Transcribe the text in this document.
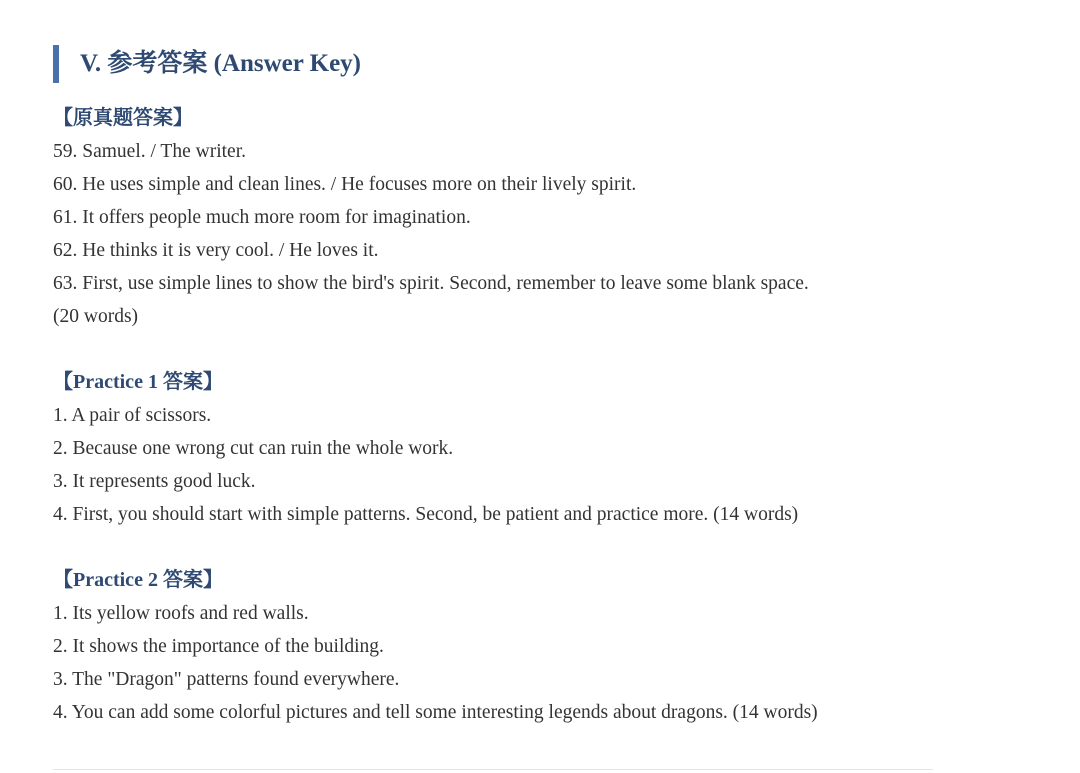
V. 参考答案 (Answer Key)
【原真题答案】
59. Samuel. / The writer.
60. He uses simple and clean lines. / He focuses more on their lively spirit.
61. It offers people much more room for imagination.
62. He thinks it is very cool. / He loves it.
63. First, use simple lines to show the bird's spirit. Second, remember to leave some blank space.
(20 words)
【Practice 1 答案】
1. A pair of scissors.
2. Because one wrong cut can ruin the whole work.
3. It represents good luck.
4. First, you should start with simple patterns. Second, be patient and practice more. (14 words)
【Practice 2 答案】
1. Its yellow roofs and red walls.
2. It shows the importance of the building.
3. The "Dragon" patterns found everywhere.
4. You can add some colorful pictures and tell some interesting legends about dragons. (14 words)
